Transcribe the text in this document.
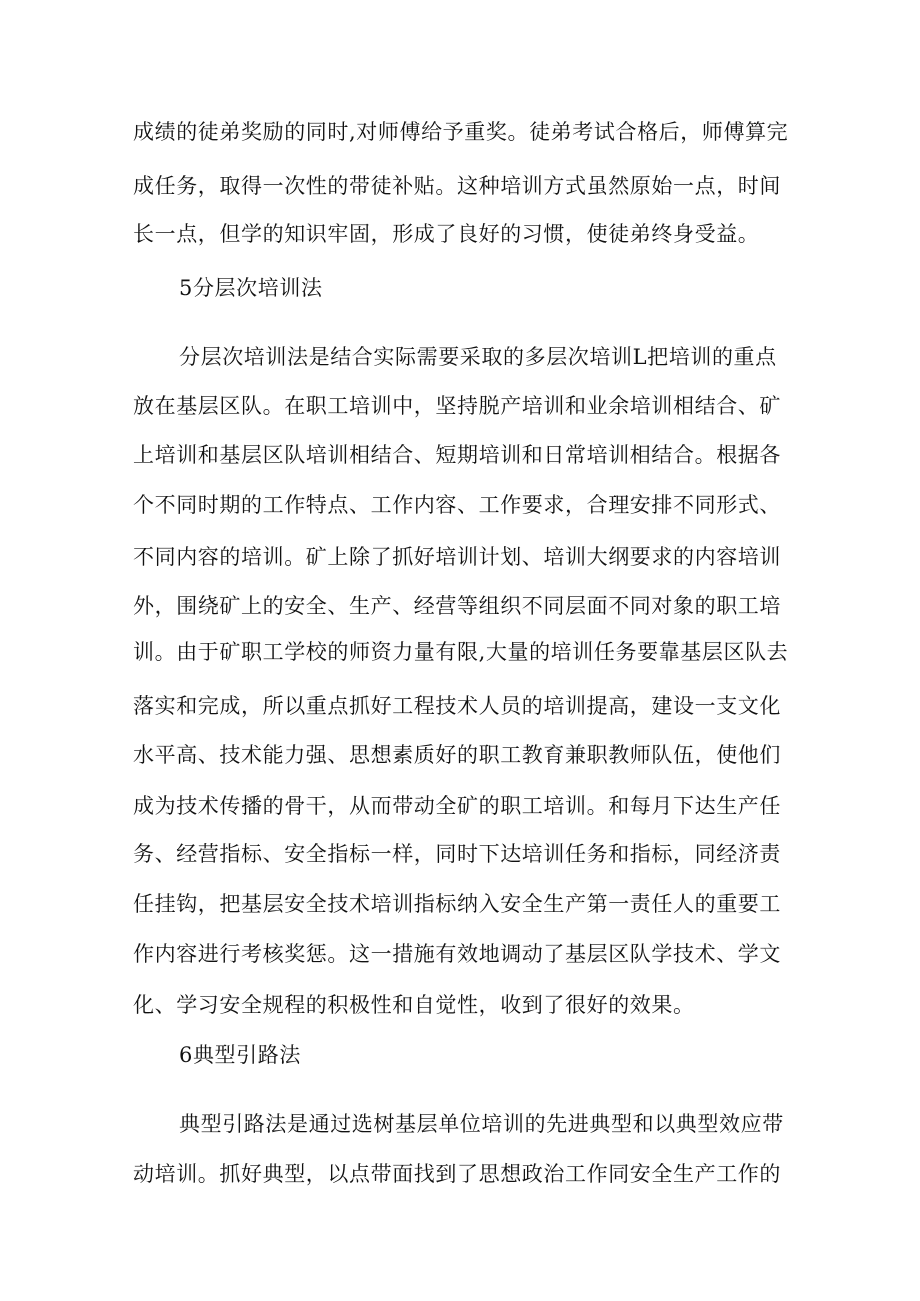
成绩的徒弟奖励的同时,对师傅给予重奖。徒弟考试合格后，师傅算完
成任务，取得一次性的带徒补贴。这种培训方式虽然原始一点，时间
长一点，但学的知识牢固，形成了良好的习惯，使徒弟终身受益。
5分层次培训法
分层次培训法是结合实际需要采取的多层次培训L把培训的重点
放在基层区队。在职工培训中，坚持脱产培训和业余培训相结合、矿
上培训和基层区队培训相结合、短期培训和日常培训相结合。根据各
个不同时期的工作特点、工作内容、工作要求，合理安排不同形式、
不同内容的培训。矿上除了抓好培训计划、培训大纲要求的内容培训
外，围绕矿上的安全、生产、经营等组织不同层面不同对象的职工培
训。由于矿职工学校的师资力量有限,大量的培训任务要靠基层区队去
落实和完成，所以重点抓好工程技术人员的培训提高，建设一支文化
水平高、技术能力强、思想素质好的职工教育兼职教师队伍，使他们
成为技术传播的骨干，从而带动全矿的职工培训。和每月下达生产任
务、经营指标、安全指标一样，同时下达培训任务和指标，同经济责
任挂钩，把基层安全技术培训指标纳入安全生产第一责任人的重要工
作内容进行考核奖惩。这一措施有效地调动了基层区队学技术、学文
化、学习安全规程的积极性和自觉性，收到了很好的效果。
6典型引路法
典型引路法是通过选树基层单位培训的先进典型和以典型效应带
动培训。抓好典型，以点带面找到了思想政治工作同安全生产工作的
